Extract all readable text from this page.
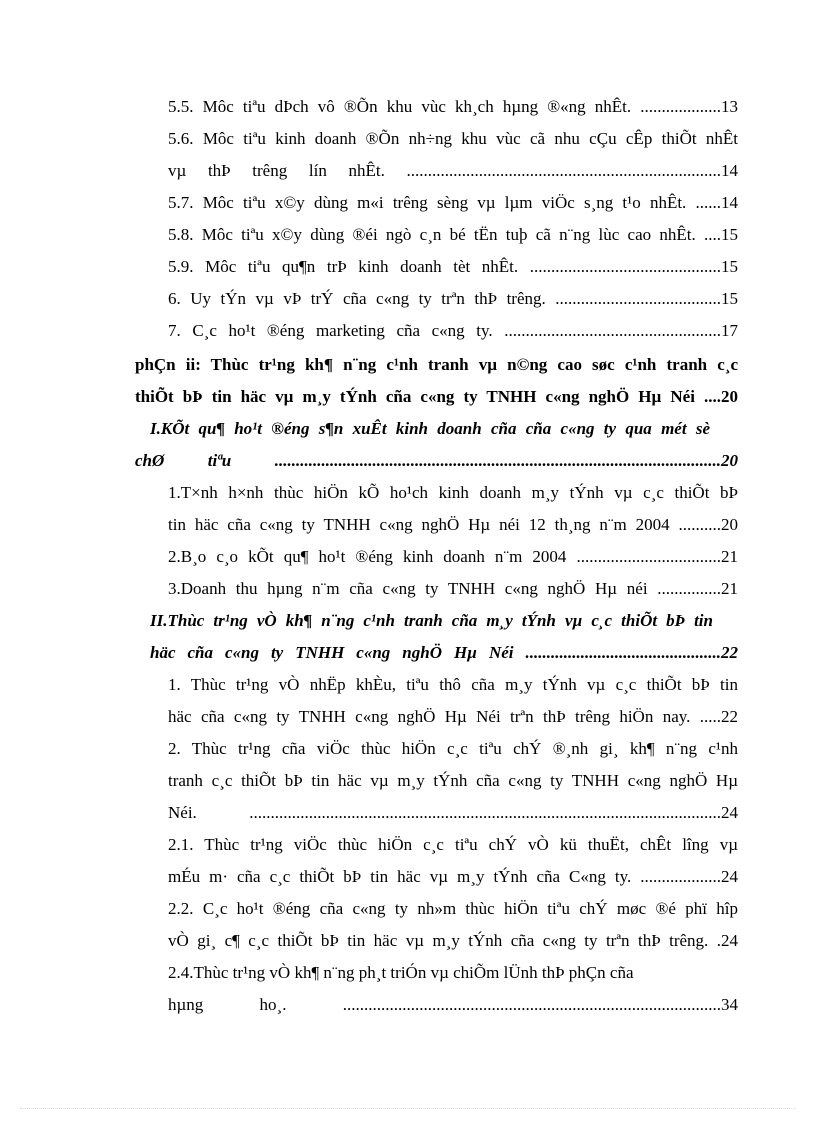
5.5. Môc tiªu dÞch vô ®Õn khu vùc kh¸ch hµng ®«ng nhÊt. ...................13
5.6. Môc tiªu kinh doanh ®Õn nh÷ng khu vùc cã nhu cÇu cÊp thiÕt nhÊt
vµ thÞ trêng lín nhÊt. ..........................................................................14
5.7. Môc tiªu x©y dùng m«i trêng sèng vµ lµm viÖc s¸ng t¹o nhÊt. ......14
5.8. Môc tiªu x©y dùng ®éi ngò c¸n bé tËn tuþ cã n¨ng lùc cao nhÊt. ....15
5.9. Môc tiªu qu¶n trÞ kinh doanh tèt nhÊt. .............................................15
6. Uy tÝn vµ vÞ trÝ cña c«ng ty trªn thÞ trêng. .......................................15
7. C¸c ho¹t ®éng marketing cña c«ng ty. ...................................................17
phÇn ii: Thùc tr¹ng kh¶ n¨ng c¹nh tranh vµ n©ng cao søc c¹nh tranh c¸c
thiÕt bÞ tin häc vµ m¸y tÝnh cña c«ng ty TNHH c«ng nghÖ Hµ Néi ....20
I.KÕt qu¶ ho¹t ®éng s¶n xuÊt kinh doanh cña cña c«ng ty qua mét sè
chØ tiªu .........................................................................................................20
1.T×nh h×nh thùc hiÖn kÕ ho¹ch kinh doanh m¸y tÝnh vµ c¸c thiÕt bÞ
tin häc cña c«ng ty TNHH c«ng nghÖ Hµ néi 12 th¸ng n¨m 2004 ..........20
2.B¸o c¸o kÕt qu¶ ho¹t ®éng kinh doanh n¨m 2004 ..................................21
3.Doanh thu hµng n¨m cña c«ng ty TNHH c«ng nghÖ Hµ néi ...............21
II.Thùc tr¹ng vÒ kh¶ n¨ng c¹nh tranh cña m¸y tÝnh vµ c¸c thiÕt bÞ tin
häc cña c«ng ty TNHH c«ng nghÖ Hµ Néi ..............................................22
1. Thùc tr¹ng vÒ nhËp khÈu, tiªu thô cña m¸y tÝnh vµ c¸c thiÕt bÞ tin
häc cña c«ng ty TNHH c«ng nghÖ Hµ Néi trªn thÞ trêng hiÖn nay. .....22
2. Thùc tr¹ng cña viÖc thùc hiÖn c¸c tiªu chÝ ®¸nh gi¸ kh¶ n¨ng c¹nh
tranh c¸c thiÕt bÞ tin häc vµ m¸y tÝnh cña c«ng ty TNHH c«ng nghÖ Hµ
Néi. ...............................................................................................................24
2.1. Thùc tr¹ng viÖc thùc hiÖn c¸c tiªu chÝ vÒ kü thuËt, chÊt lîng vµ
mÉu m· cña c¸c thiÕt bÞ tin häc vµ m¸y tÝnh cña C«ng ty. ...................24
2.2. C¸c ho¹t ®éng cña c«ng ty nh»m thùc hiÖn tiªu chÝ møc ®é phï hîp
vÒ gi¸ c¶ c¸c thiÕt bÞ tin häc vµ m¸y tÝnh cña c«ng ty trªn thÞ trêng. .24
2.4.Thùc tr¹ng vÒ kh¶ n¨ng ph¸t triÓn vµ chiÕm lÜnh thÞ phÇn cña
hµng ho¸. .........................................................................................34
